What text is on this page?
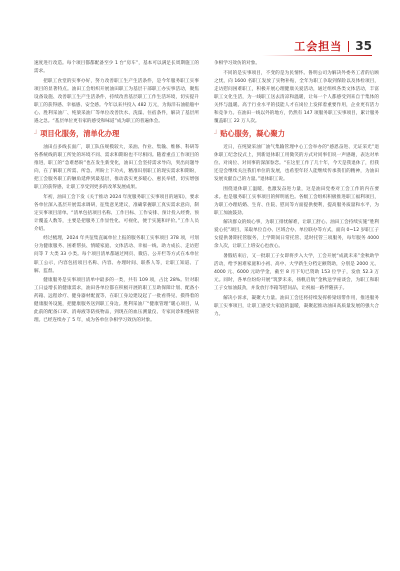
工会担当 35

速度进行改造。每个项目都都配备至少 1 台“房车”，基本可以满足长周期施工的需求。

把职工食堂的实事办好，努力改善职工生产生活条件，是今年服务职工实事项目的显著特点。油田工会组织开展油田职工为基层干部职工办实事活动，聚焦设备设施、改善职工生产生活条件，持续改善基层职工工作生活环境，切实提升职工的获得感、幸福感、安全感。今年以来共投入 482 万元，为海洋石油船舶中心、胜利采油厂、纯梁采油厂等单位改善饮水、洗澡、住宿条件，解决了基层所遇之急。“基层单位更有家的感受和味道”成为职工的普遍体会。

┘ 项目化服务，清单化办理

油田点多线长面广，职工队伍规模较大，采油、作业、集输、维修、科研等各系统线的职工所处的环境不同、需求和期盼也不尽相同。随着重点工作项目的推进，职工的“急难愁盼”也在发生新变化，油田工会坚持需求导向，突出问题导向，在了解职工所需、所急、所盼上下功夫，精准识别职工的现实需求和期盼，把工会服务职工的触角延伸到最基层，推动落实更多暖心、惠民举措，切实增强职工的获得感，让职工享受到更多的改革发展成果。

年初，油田工会下发《关于推动 2024 年度服务职工实事项目的通知》，要求各单位深入基层开展需求调研，征集意见建议，准确掌握职工真实需求意向，制定实事项目清单。“清单包括项目名称、工作目标、工作安排、预计投入经费、预计覆盖人数等，主要是把服务工作显性化、可视化，便于实施和评价。”工作人员介绍。

经过梳理，2024 年共征集直属单位上报的服务职工实事项目 378 项，可划分为健康服务、困难帮扶、情暖家庭、文体活动、幸福一线、助力成长、走访慰问等 7 大类 33 小类。每个项目清单都通过网页、微信、公开栏等方式在本单位职工公示，内容包括项目名称、内容、办理时间、联系人等，让职工知道、了解、监督。

健康服务是实事项目清单中最多的一类，共有 109 项，占比 28%。针对职工日益增长的健康需求，油田各单位都在积极开展的职工互助保障计划、配备小药箱、远程诊疗、健身器材配置等，在职工身边建设起了一批看得见、摸得着的健康服务设施，把健康服务送到职工身边。胜利采油厂“健康管理”暖心项目，从此前的配备口罩、消毒液等防疫物品，到现在的血压测量仪、专家问诊和慢病管理。已经连续办了 5 年，成为各单位争相学习效仿的对象。

争相学习效仿的对象。

不同的是实事项目，不变的是为民情怀。鲁明公司为解决外委务工者的后顾之忧，向 1600 名职工发放了实物补贴，全年为职工争取到保险以及体检项目，走访慰问困难职工，积极开展心理健康关爱活动，通过组织各类文体活动，丰富职工文化生活，为一线职工送去清凉和温暖，让每一个人都感受到来自于集体的关怀与温暖。高于行业水平的技能人才在岗位上发挥着重要作用，企业更有活力和竞争力。在油田一线以外的地方，仍然有 147 项服务职工实事项目，累计服务覆盖职工 22 万人次。

┘ 贴心服务，凝心聚力

近日，在纯梁采油厂油气集输管理中心工会举办的“感恩奋进、无证采光”退休职工纪念仪式上，到新退休职工用微笑的方式对同事们说一声感谢，表达对单位、对岗位、对同事的深深眷恋。“在这里工作了几十年，今天是我退休了，但我还是会继续关注我们单位的发展，也希望年轻人能继续传承我们的精神，为油田发展贡献自己的力量。”退休职工说。

围绕退休职工温暖，也激发奋进力量，这是油田党委对工会工作的内在要求。也是服务职工实事项目的鲜明底色。各级工会组织积极推进职工福利项目，为职工办理结婚、生育、住院、慰问等方面提供便利，提高服务质量和水平，为职工加油鼓劲。

解决群众的烦心事，为职工排忧解难，让职工舒心、油田工会持续实施“胜利爱心托”项目，采取单位自办、区域合办、单位联办等方式，面向 0~12 岁职工子女提供暑期托管服务，上学期间日常托管、延时托管三项服务，每年服务 4000 余人次，让职工上班安心也放心。

暑假结束后，又一批职工子女即将步入大学，工会开展“成就未来”金秋助学活动，给予困难家庭和小初、高中、大学新生分档定额资助，分别是 2000 元、4000 元、6000 元助学金，截至 8 月下旬已资助 153 位学子，发放 52.3 万元。同时，各单位纷纷开展“筑梦未来，扬帆启航”金秋送学座谈会，为职工和职工子女加油鼓劲，并发放行李箱等慰问品，让祝福一路伴随孩子。

解决小诉求，凝聚大力量。油田工会还将持续发挥桥梁纽带作用，推进服务职工实事项目，让职工感受大家庭的温暖，凝聚起推动油田高质量发展的强大合力。
